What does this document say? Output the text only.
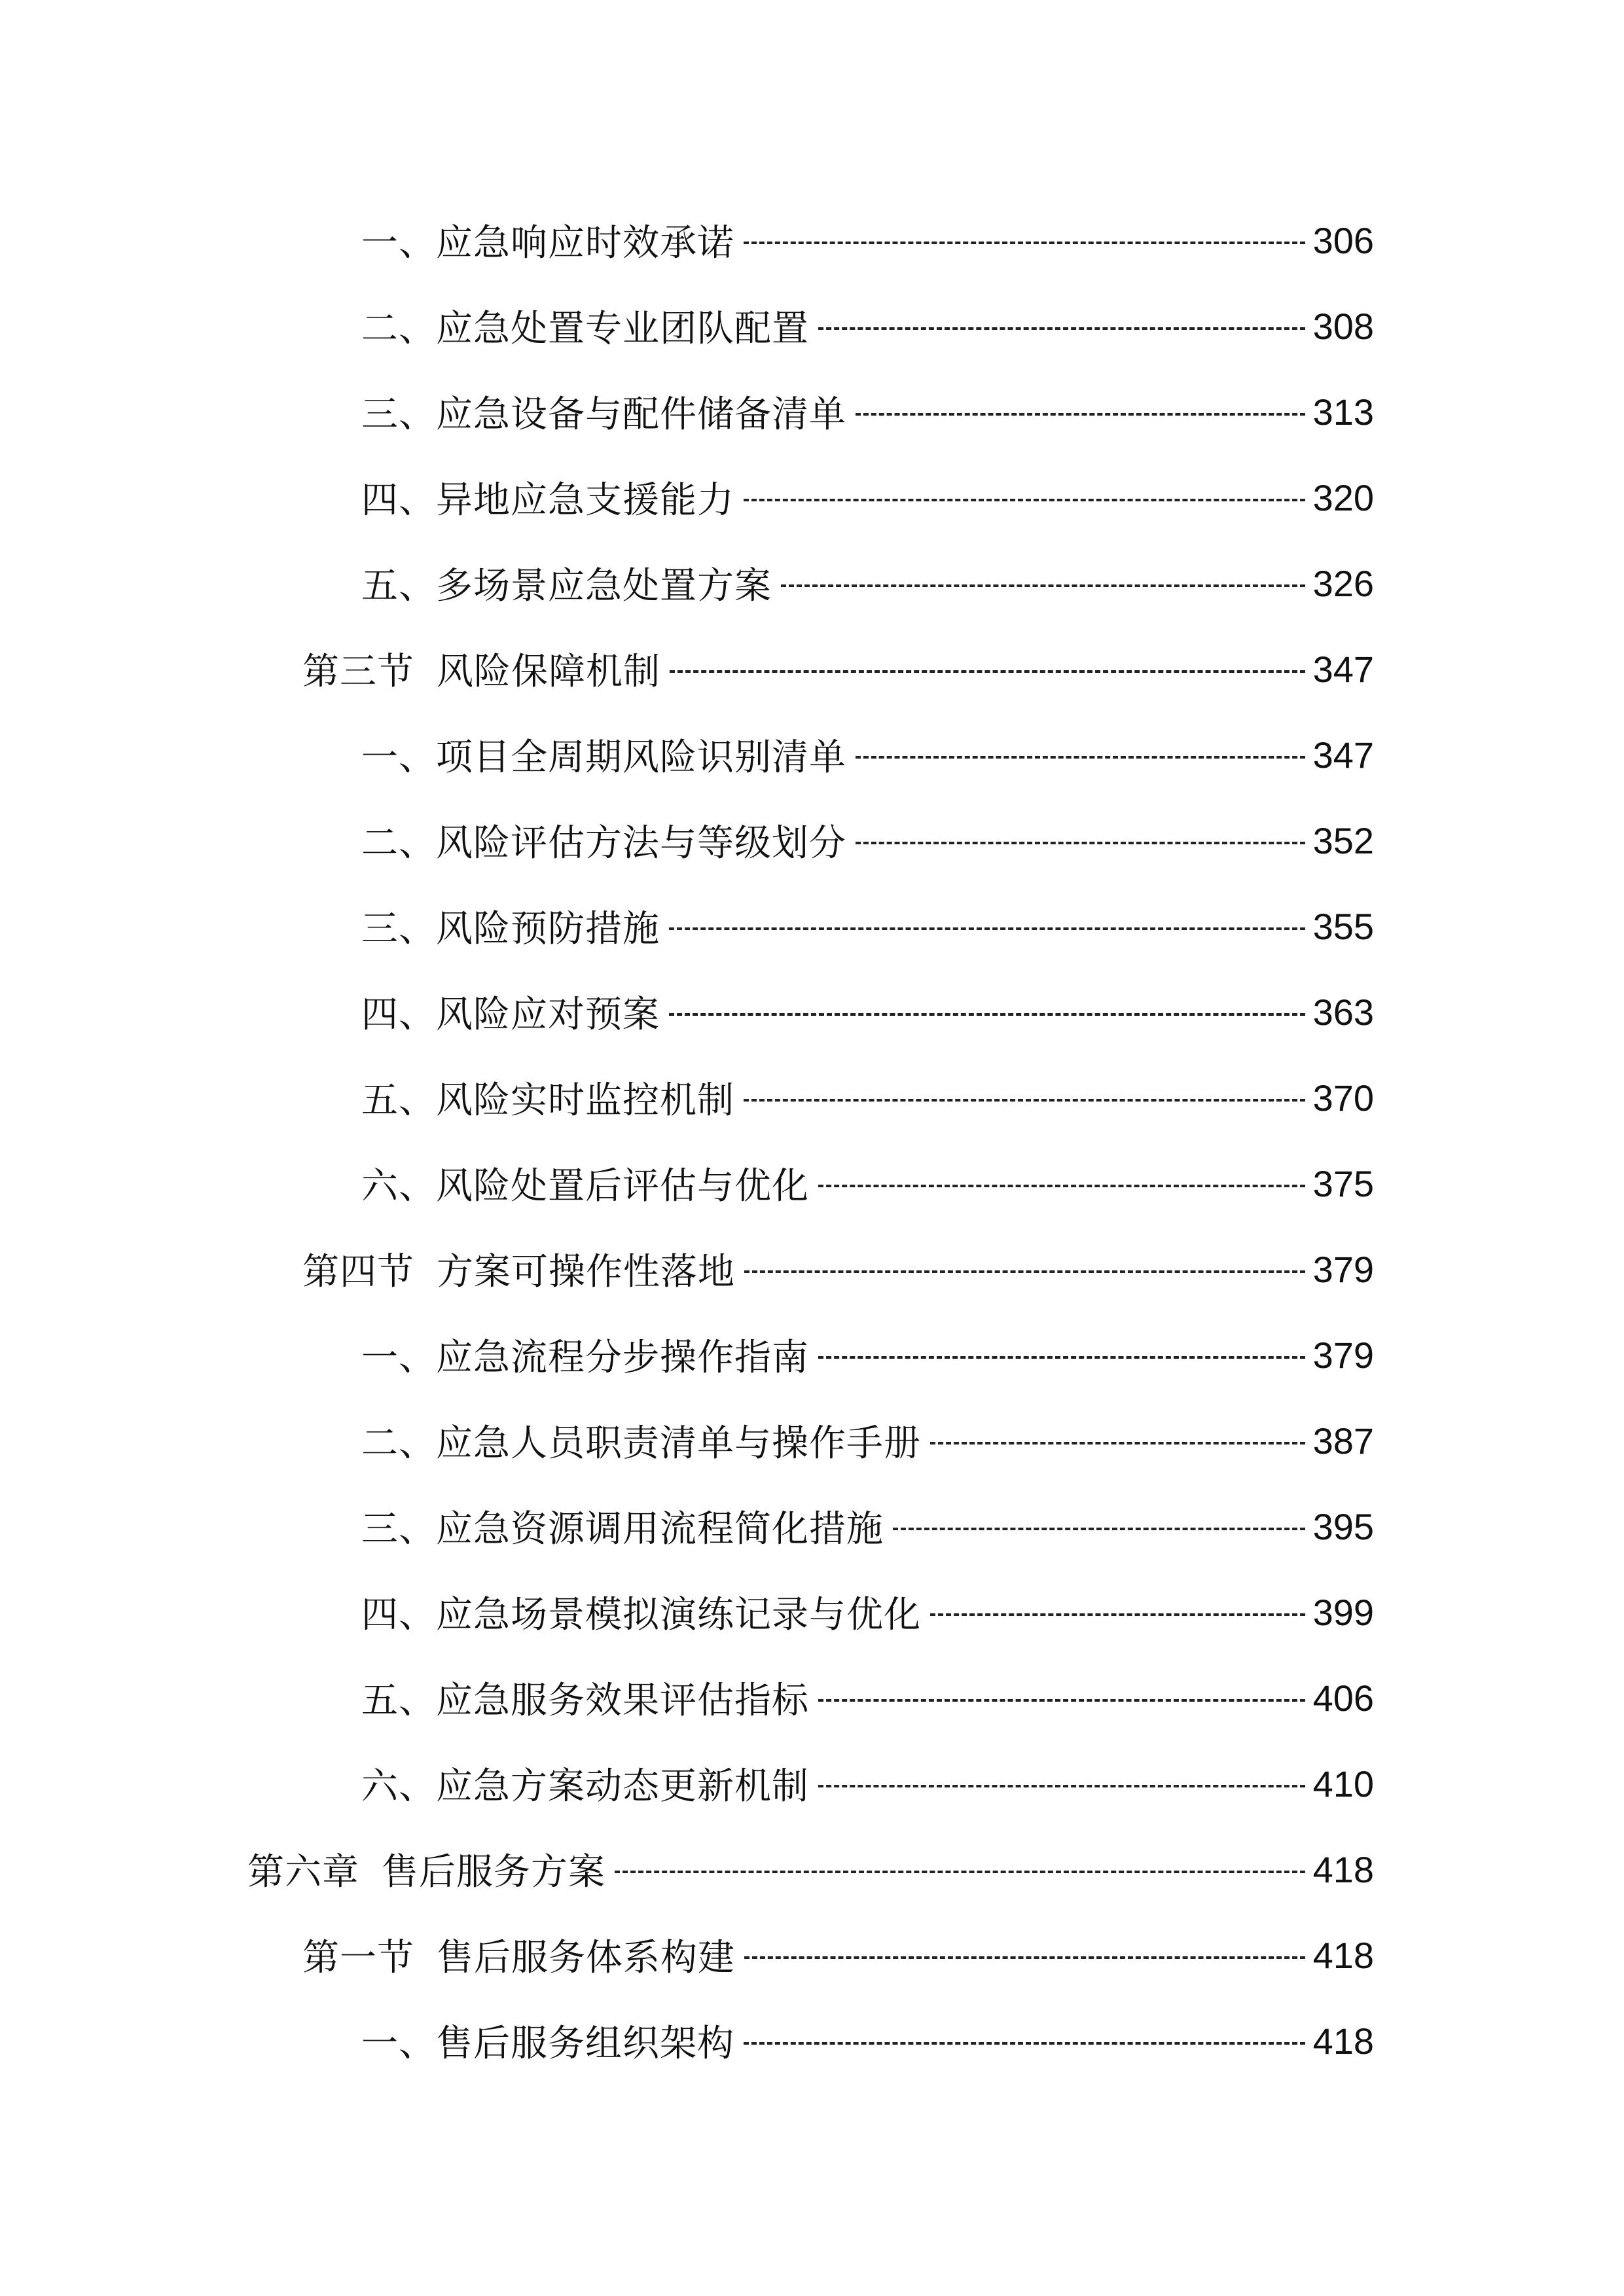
一、应急响应时效承诺	306
二、应急处置专业团队配置	308
三、应急设备与配件储备清单	313
四、异地应急支援能力	320
五、多场景应急处置方案	326
第三节 风险保障机制	347
一、项目全周期风险识别清单	347
二、风险评估方法与等级划分	352
三、风险预防措施	355
四、风险应对预案	363
五、风险实时监控机制	370
六、风险处置后评估与优化	375
第四节 方案可操作性落地	379
一、应急流程分步操作指南	379
二、应急人员职责清单与操作手册	387
三、应急资源调用流程简化措施	395
四、应急场景模拟演练记录与优化	399
五、应急服务效果评估指标	406
六、应急方案动态更新机制	410
第六章 售后服务方案	418
第一节 售后服务体系构建	418
一、售后服务组织架构	418
